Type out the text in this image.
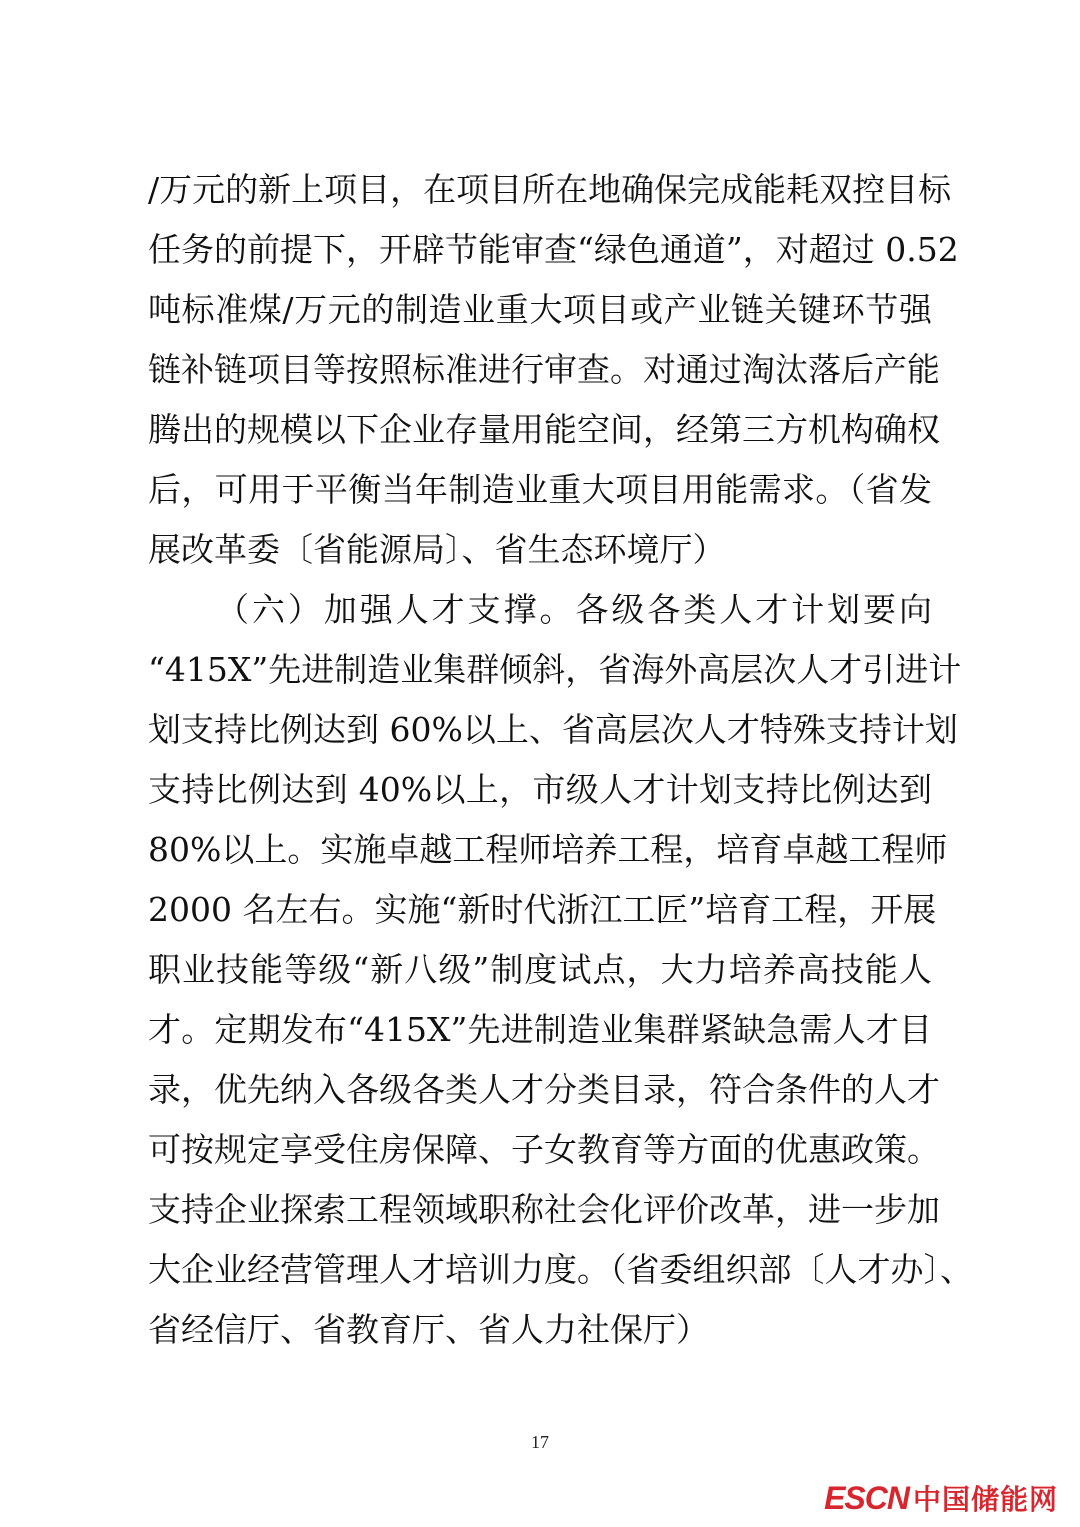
/万元的新上项目，在项目所在地确保完成能耗双控目标
任务的前提下，开辟节能审查“绿色通道”，对超过 0.52
吨标准煤/万元的制造业重大项目或产业链关键环节强
链补链项目等按照标准进行审查。对通过淘汰落后产能
腾出的规模以下企业存量用能空间，经第三方机构确权
后，可用于平衡当年制造业重大项目用能需求。（省发
展改革委〔省能源局〕、省生态环境厅）
（六）加强人才支撑。各级各类人才计划要向
“415X”先进制造业集群倾斜，省海外高层次人才引进计
划支持比例达到 60%以上、省高层次人才特殊支持计划
支持比例达到 40%以上，市级人才计划支持比例达到
80%以上。实施卓越工程师培养工程，培育卓越工程师
2000 名左右。实施“新时代浙江工匠”培育工程，开展
职业技能等级“新八级”制度试点，大力培养高技能人
才。定期发布“415X”先进制造业集群紧缺急需人才目
录，优先纳入各级各类人才分类目录，符合条件的人才
可按规定享受住房保障、子女教育等方面的优惠政策。
支持企业探索工程领域职称社会化评价改革，进一步加
大企业经营管理人才培训力度。（省委组织部〔人才办〕、
省经信厅、省教育厅、省人力社保厅）
17
ESCN 中国储能网
